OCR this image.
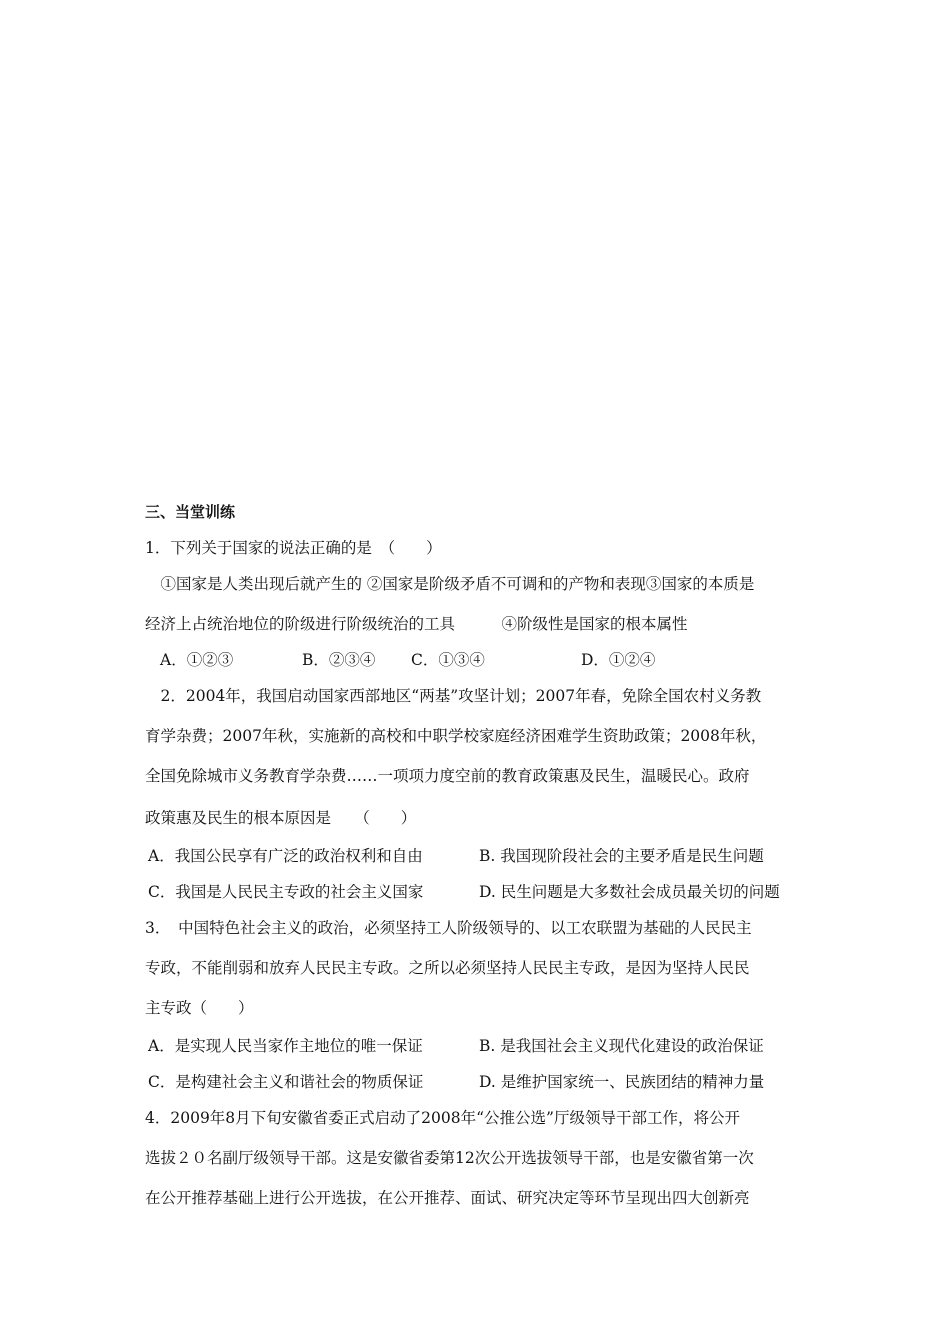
三、当堂训练
1．下列关于国家的说法正确的是　（　　）
　①国家是人类出现后就产生的 ②国家是阶级矛盾不可调和的产物和表现③国家的本质是
经济上占统治地位的阶级进行阶级统治的工具　　　④阶级性是国家的根本属性
A．①②③	B．②③④ C．①③④	D．①②④
　2．2004年，我国启动国家西部地区“两基”攻坚计划；2007年春，免除全国农村义务教
育学杂费；2007年秋，实施新的高校和中职学校家庭经济困难学生资助政策；2008年秋，
全国免除城市义务教育学杂费……一项项力度空前的教育政策惠及民生，温暖民心。政府
政策惠及民生的根本原因是　　（　　）
A．我国公民享有广泛的政治权利和自由	B. 我国现阶段社会的主要矛盾是民生问题
C．我国是人民民主专政的社会主义国家	D. 民生问题是大多数社会成员最关切的问题
3．　中国特色社会主义的政治，必须坚持工人阶级领导的、以工农联盟为基础的人民民主
专政，不能削弱和放弃人民民主专政。之所以必须坚持人民民主专政，是因为坚持人民民
主专政（　　）
A．是实现人民当家作主地位的唯一保证	B. 是我国社会主义现代化建设的政治保证
C．是构建社会主义和谐社会的物质保证	D. 是维护国家统一、民族团结的精神力量
4．2009年8月下旬安徽省委正式启动了2008年“公推公选”厅级领导干部工作，将公开
选拔２０名副厅级领导干部。这是安徽省委第12次公开选拔领导干部，也是安徽省第一次
在公开推荐基础上进行公开选拔，在公开推荐、面试、研究决定等环节呈现出四大创新亮
